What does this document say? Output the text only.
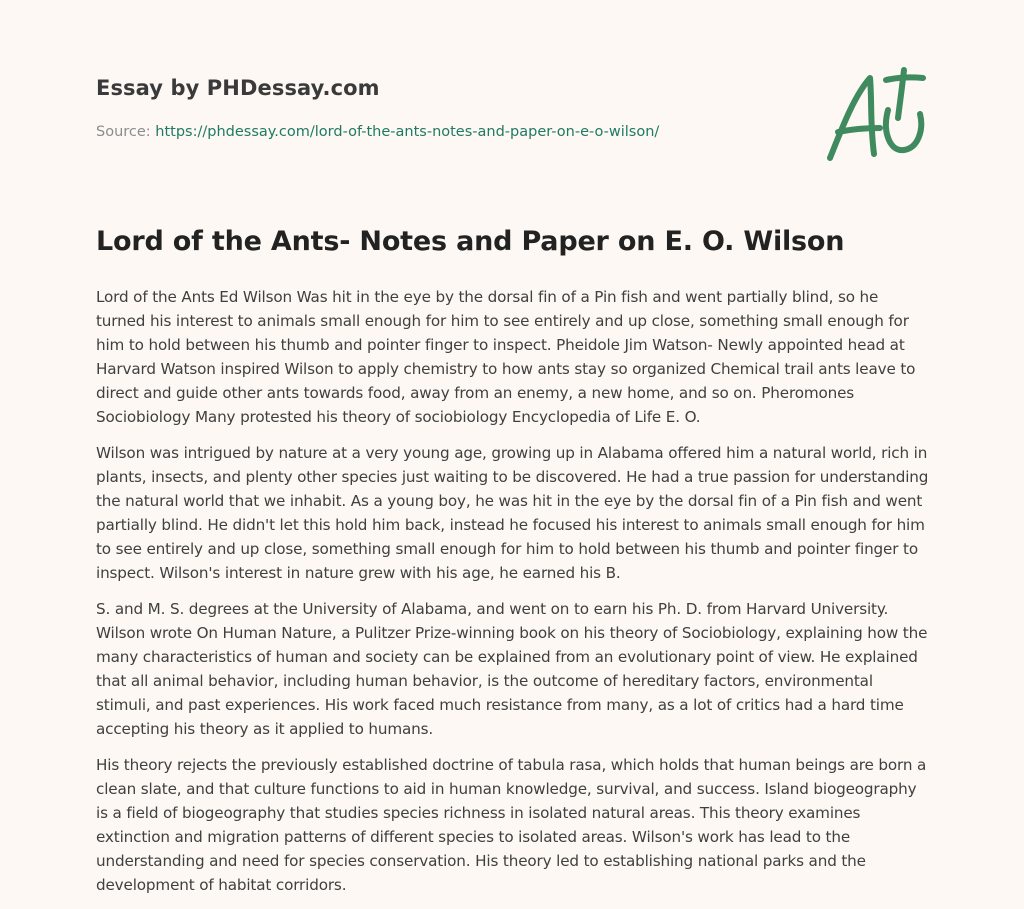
Essay by PHDessay.com
Source: https://phdessay.com/lord-of-the-ants-notes-and-paper-on-e-o-wilson/
Lord of the Ants- Notes and Paper on E. O. Wilson

Lord of the Ants Ed Wilson Was hit in the eye by the dorsal fin of a Pin fish and went partially blind, so he turned his interest to animals small enough for him to see entirely and up close, something small enough for him to hold between his thumb and pointer finger to inspect. Pheidole Jim Watson- Newly appointed head at Harvard Watson inspired Wilson to apply chemistry to how ants stay so organized Chemical trail ants leave to direct and guide other ants towards food, away from an enemy, a new home, and so on. Pheromones Sociobiology Many protested his theory of sociobiology Encyclopedia of Life E. O.

Wilson was intrigued by nature at a very young age, growing up in Alabama offered him a natural world, rich in plants, insects, and plenty other species just waiting to be discovered. He had a true passion for understanding the natural world that we inhabit. As a young boy, he was hit in the eye by the dorsal fin of a Pin fish and went partially blind. He didn't let this hold him back, instead he focused his interest to animals small enough for him to see entirely and up close, something small enough for him to hold between his thumb and pointer finger to inspect. Wilson's interest in nature grew with his age, he earned his B.

S. and M. S. degrees at the University of Alabama, and went on to earn his Ph. D. from Harvard University. Wilson wrote On Human Nature, a Pulitzer Prize-winning book on his theory of Sociobiology, explaining how the many characteristics of human and society can be explained from an evolutionary point of view. He explained that all animal behavior, including human behavior, is the outcome of hereditary factors, environmental stimuli, and past experiences. His work faced much resistance from many, as a lot of critics had a hard time accepting his theory as it applied to humans.

His theory rejects the previously established doctrine of tabula rasa, which holds that human beings are born a clean slate, and that culture functions to aid in human knowledge, survival, and success. Island biogeography is a field of biogeography that studies species richness in isolated natural areas. This theory examines extinction and migration patterns of different species to isolated areas. Wilson's work has lead to the understanding and need for species conservation. His theory led to establishing national parks and the development of habitat corridors.
